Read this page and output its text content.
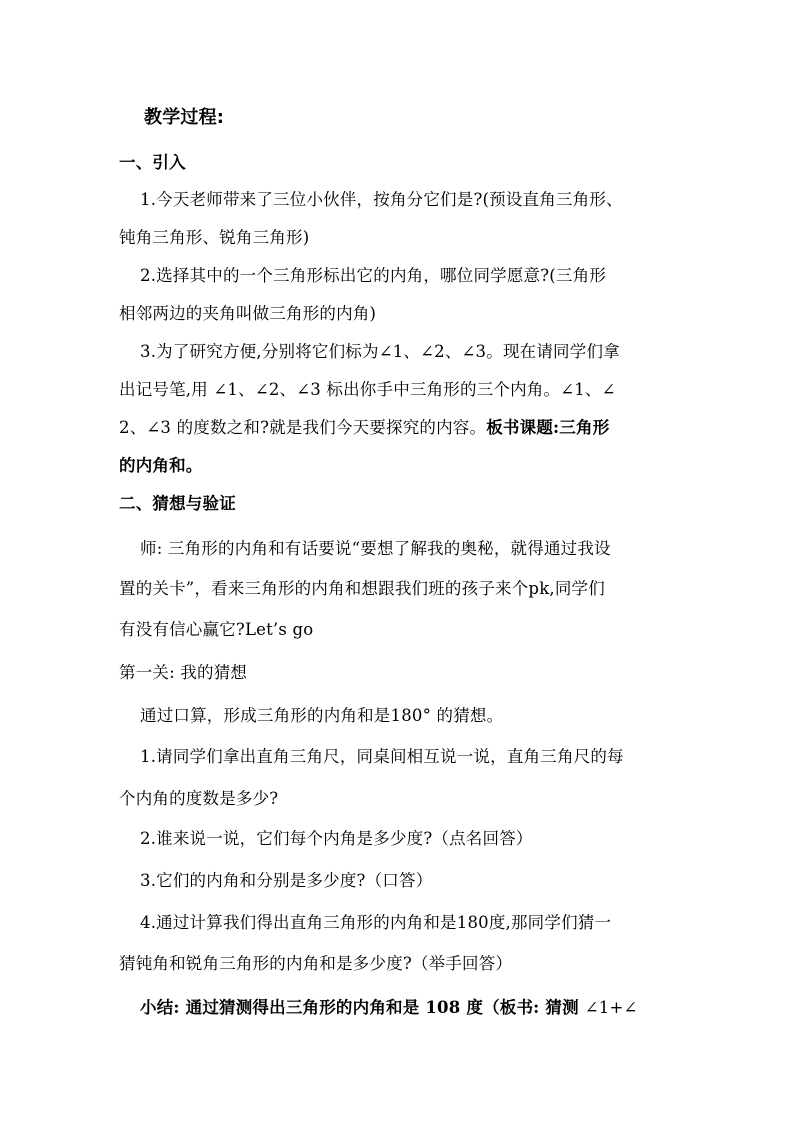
教学过程:
一、引入
1.今天老师带来了三位小伙伴，按角分它们是?(预设直角三角形、
钝角三角形、锐角三角形)
2.选择其中的一个三角形标出它的内角，哪位同学愿意?(三角形
相邻两边的夹角叫做三角形的内角)
3.为了研究方便,分别将它们标为∠1、∠2、∠3。现在请同学们拿
出记号笔,用 ∠1、∠2、∠3 标出你手中三角形的三个内角。∠1、∠
2、∠3 的度数之和?就是我们今天要探究的内容。板书课题:三角形
的内角和。
二、猜想与验证
师: 三角形的内角和有话要说“要想了解我的奥秘，就得通过我设
置的关卡”，看来三角形的内角和想跟我们班的孩子来个pk,同学们
有没有信心赢它?Let’s go
第一关: 我的猜想
通过口算，形成三角形的内角和是180° 的猜想。
1.请同学们拿出直角三角尺，同桌间相互说一说，直角三角尺的每
个内角的度数是多少?
2.谁来说一说，它们每个内角是多少度?（点名回答）
3.它们的内角和分别是多少度?（口答）
4.通过计算我们得出直角三角形的内角和是180度,那同学们猜一
猜钝角和锐角三角形的内角和是多少度?（举手回答）
小结: 通过猜测得出三角形的内角和是 108 度（板书: 猜测 ∠1+∠
